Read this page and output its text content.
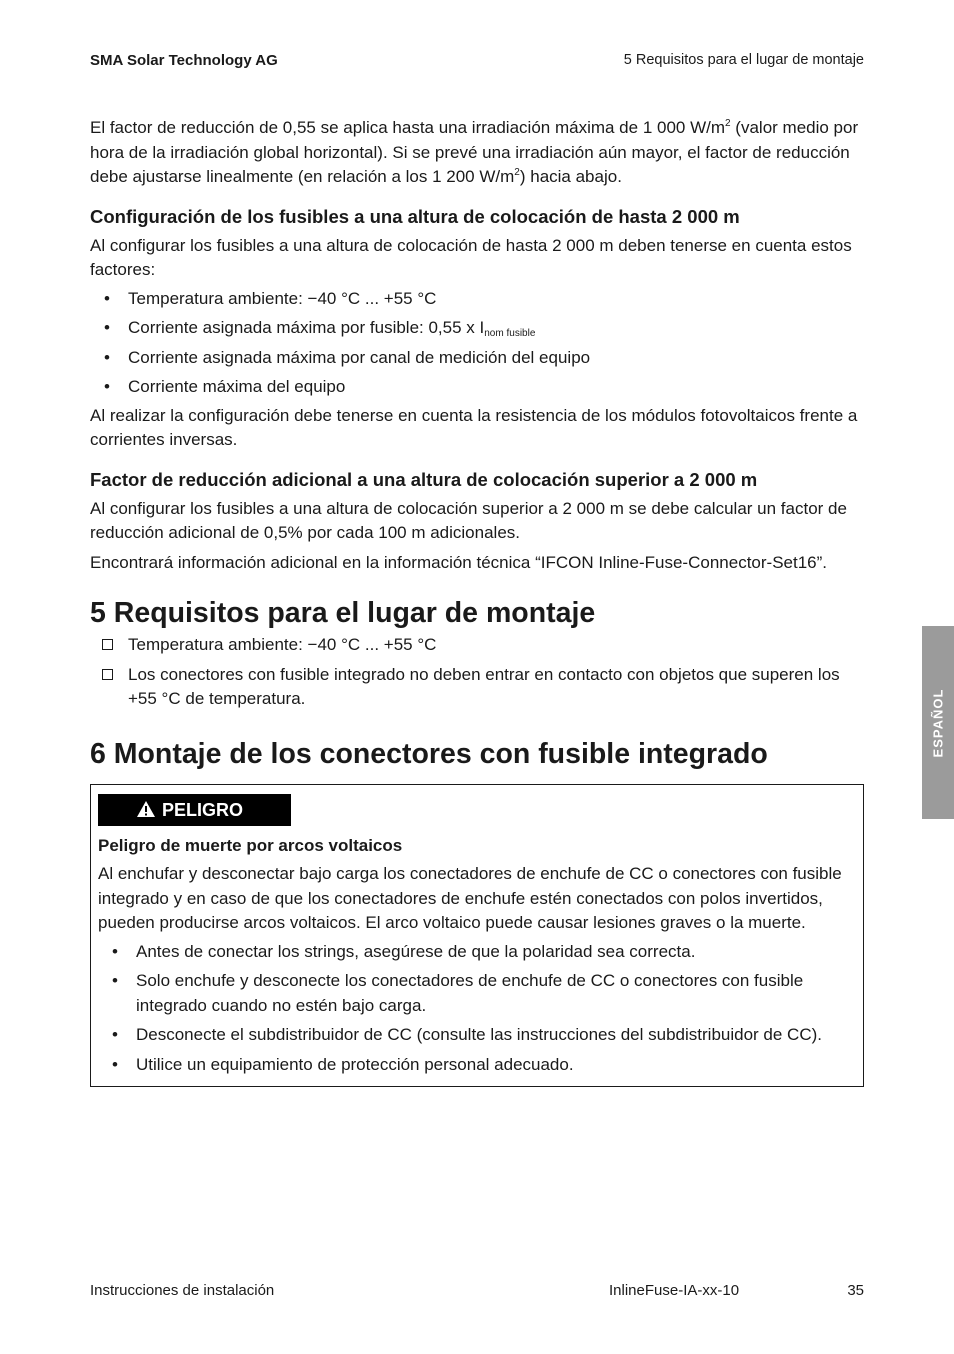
SMA Solar Technology AG	5 Requisitos para el lugar de montaje

El factor de reducción de 0,55 se aplica hasta una irradiación máxima de 1 000 $W/m^2$ (valor medio por hora de la irradiación global horizontal). Si se prevé una irradiación aún mayor, el factor de reducción debe ajustarse linealmente (en relación a los 1 200 $W/m^2$) hacia abajo.

Configuración de los fusibles a una altura de colocación de hasta 2 000 m

Al configurar los fusibles a una altura de colocación de hasta 2 000 m deben tenerse en cuenta estos factores:

• Temperatura ambiente: −40 °C ... +55 °C
• Corriente asignada máxima por fusible: 0,55 x $I_{nom fusible}$
• Corriente asignada máxima por canal de medición del equipo
• Corriente máxima del equipo

Al realizar la configuración debe tenerse en cuenta la resistencia de los módulos fotovoltaicos frente a corrientes inversas.

Factor de reducción adicional a una altura de colocación superior a 2 000 m

Al configurar los fusibles a una altura de colocación superior a 2 000 m se debe calcular un factor de reducción adicional de 0,5% por cada 100 m adicionales.

Encontrará información adicional en la información técnica “IFCON Inline-Fuse-Connector-Set16”.

5 Requisitos para el lugar de montaje
Temperatura ambiente: −40 °C ... +55 °C
Los conectores con fusible integrado no deben entrar en contacto con objetos que superen los +55 °C de temperatura.
6 Montaje de los conectores con fusible integrado
PELIGRO

Peligro de muerte por arcos voltaicos

Al enchufar y desconectar bajo carga los conectadores de enchufe de CC o conectores con fusible integrado y en caso de que los conectadores de enchufe estén conectados con polos invertidos, pueden producirse arcos voltaicos. El arco voltaico puede causar lesiones graves o la muerte.

• Antes de conectar los strings, asegúrese de que la polaridad sea correcta.
• Solo enchufe y desconecte los conectadores de enchufe de CC o conectores con fusible integrado cuando no estén bajo carga.
• Desconecte el subdistribuidor de CC (consulte las instrucciones del subdistribuidor de CC).
• Utilice un equipamiento de protección personal adecuado.
ESPAÑOL
Instrucciones de instalación	InlineFuse-IA-xx-10	35
